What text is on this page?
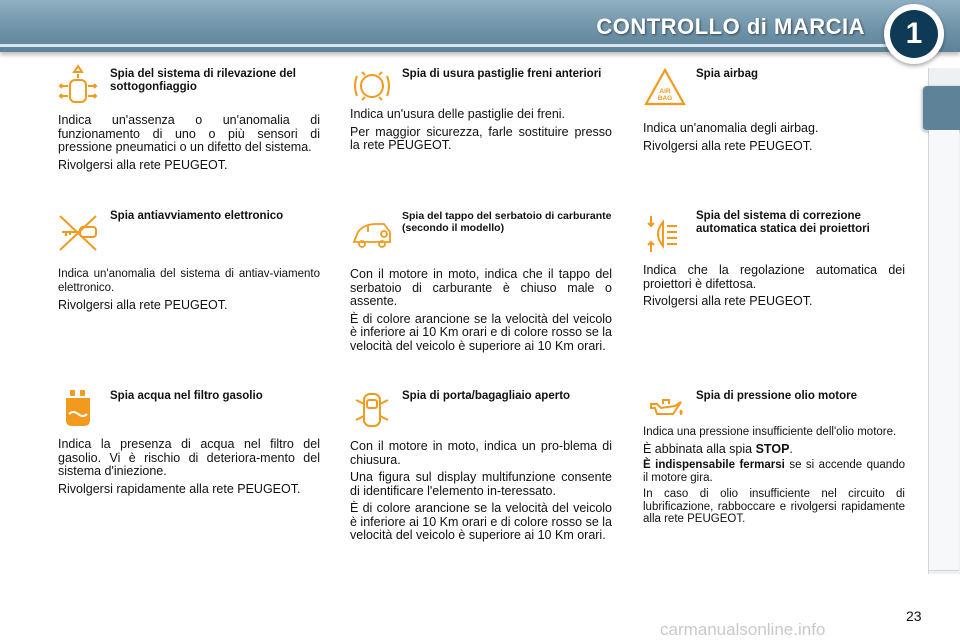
CONTROLLO di MARCIA	1
Spia del sistema di rilevazione del sottogonfiaggio

Indica un'assenza o un'anomalia di funzionamento di uno o più sensori di pressione pneumatici o un difetto del sistema.

Rivolgersi alla rete PEUGEOT.

Spia di usura pastiglie freni anteriori

Indica un'usura delle pastiglie dei freni.

Per maggior sicurezza, farle sostituire presso la rete PEUGEOT.

AIR
BAG
Spia airbag

Indica un'anomalia degli airbag.

Rivolgersi alla rete PEUGEOT.

Spia antiavviamento elettronico

Indica un'anomalia del sistema di antiav-viamento elettronico.

Rivolgersi alla rete PEUGEOT.

Spia del tappo del serbatoio di carburante (secondo il modello)

Con il motore in moto, indica che il tappo del serbatoio di carburante è chiuso male o assente.

È di colore arancione se la velocità del veicolo è inferiore ai 10 Km orari e di colore rosso se la velocità del veicolo è superiore ai 10 Km orari.

Spia del sistema di correzione automatica statica dei proiettori

Indica che la regolazione automatica dei proiettori è difettosa.

Rivolgersi alla rete PEUGEOT.

Spia acqua nel filtro gasolio

Indica la presenza di acqua nel filtro del gasolio. Vi è rischio di deteriora-mento del sistema d'iniezione.

Rivolgersi rapidamente alla rete PEUGEOT.

Spia di porta/bagagliaio aperto

Con il motore in moto, indica un pro-blema di chiusura.

Una figura sul display multifunzione consente di identificare l'elemento in-teressato.

È di colore arancione se la velocità del veicolo è inferiore ai 10 Km orari e di colore rosso se la velocità del veicolo è superiore ai 10 Km orari.

Spia di pressione olio motore

Indica una pressione insufficiente dell'olio motore.

È abbinata alla spia STOP.

È indispensabile fermarsi se si accende quando il motore gira.

In caso di olio insufficiente nel circuito di lubrificazione, rabboccare e rivolgersi rapidamente alla rete PEUGEOT.

23
carmanualsonline.info
